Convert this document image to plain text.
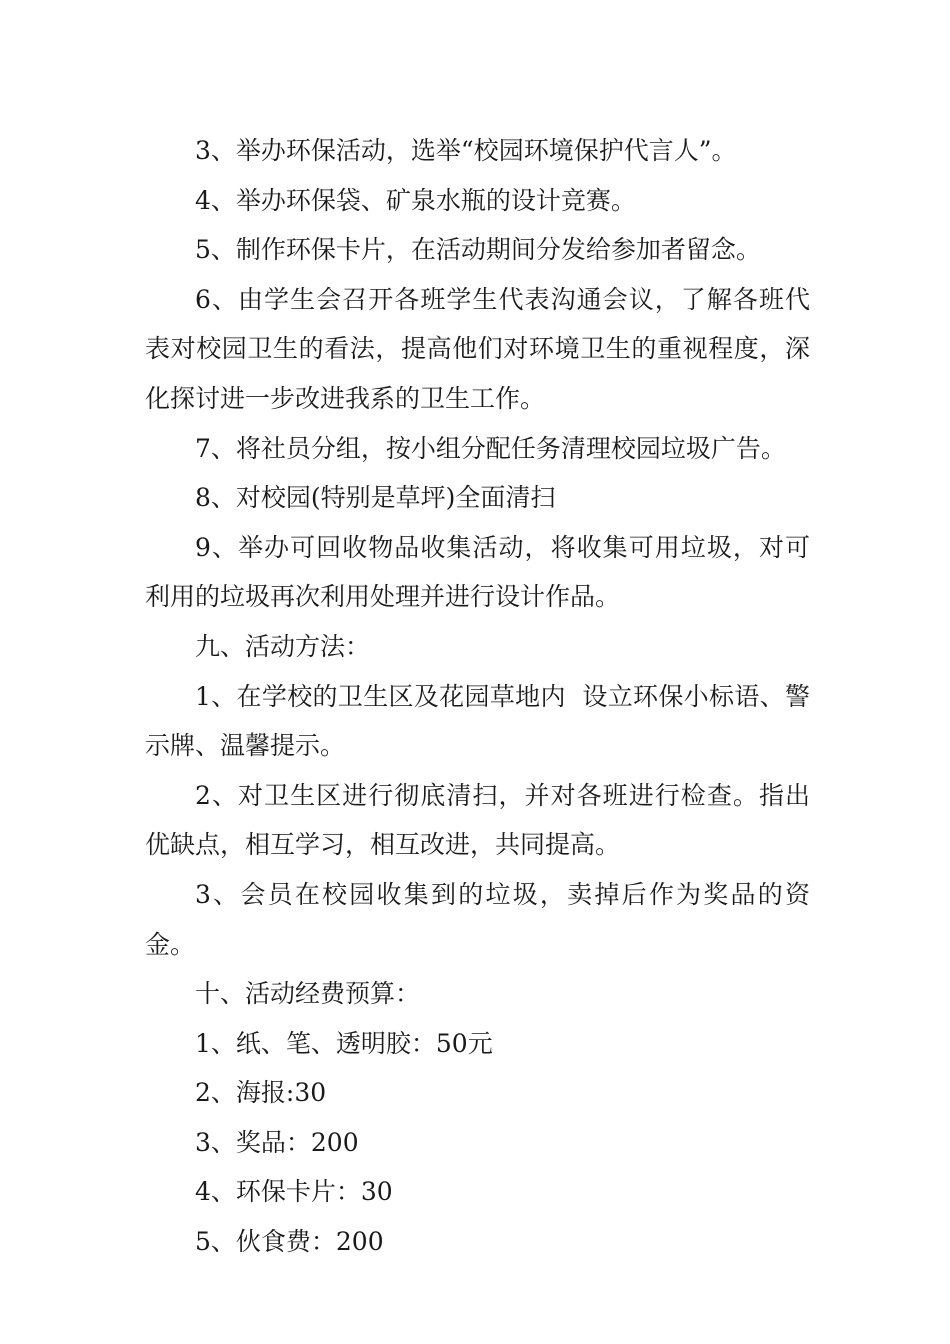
3、举办环保活动，选举“校园环境保护代言人”。

4、举办环保袋、矿泉水瓶的设计竞赛。

5、制作环保卡片，在活动期间分发给参加者留念。

6、由学生会召开各班学生代表沟通会议，了解各班代表对校园卫生的看法，提高他们对环境卫生的重视程度，深化探讨进一步改进我系的卫生工作。

7、将社员分组，按小组分配任务清理校园垃圾广告。

8、对校园(特别是草坪)全面清扫

9、举办可回收物品收集活动，将收集可用垃圾，对可利用的垃圾再次利用处理并进行设计作品。

九、活动方法：

1、在学校的卫生区及花园草地内  设立环保小标语、警示牌、温馨提示。

2、对卫生区进行彻底清扫，并对各班进行检查。指出优缺点，相互学习，相互改进，共同提高。

3、会员在校园收集到的垃圾，卖掉后作为奖品的资金。

十、活动经费预算：

1、纸、笔、透明胶：50元

2、海报:30

3、奖品：200

4、环保卡片：30

5、伙食费：200
